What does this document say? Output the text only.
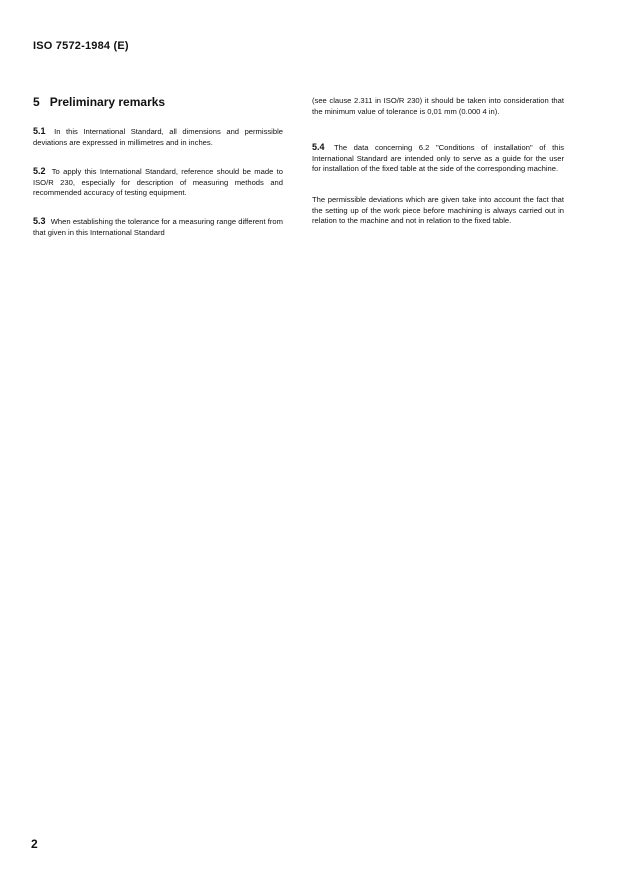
ISO 7572-1984 (E)
5 Preliminary remarks

5.1 In this International Standard, all dimensions and permissible deviations are expressed in millimetres and in inches.

5.2 To apply this International Standard, reference should be made to ISO/R 230, especially for description of measuring methods and recommended accuracy of testing equipment.

5.3 When establishing the tolerance for a measuring range different from that given in this International Standard

(see clause 2.311 in ISO/R 230) it should be taken into consideration that the minimum value of tolerance is 0,01 mm (0.000 4 in).

5.4 The data concerning 6.2 "Conditions of installation" of this International Standard are intended only to serve as a guide for the user for installation of the fixed table at the side of the corresponding machine.

The permissible deviations which are given take into account the fact that the setting up of the work piece before machining is always carried out in relation to the machine and not in relation to the fixed table.

2
